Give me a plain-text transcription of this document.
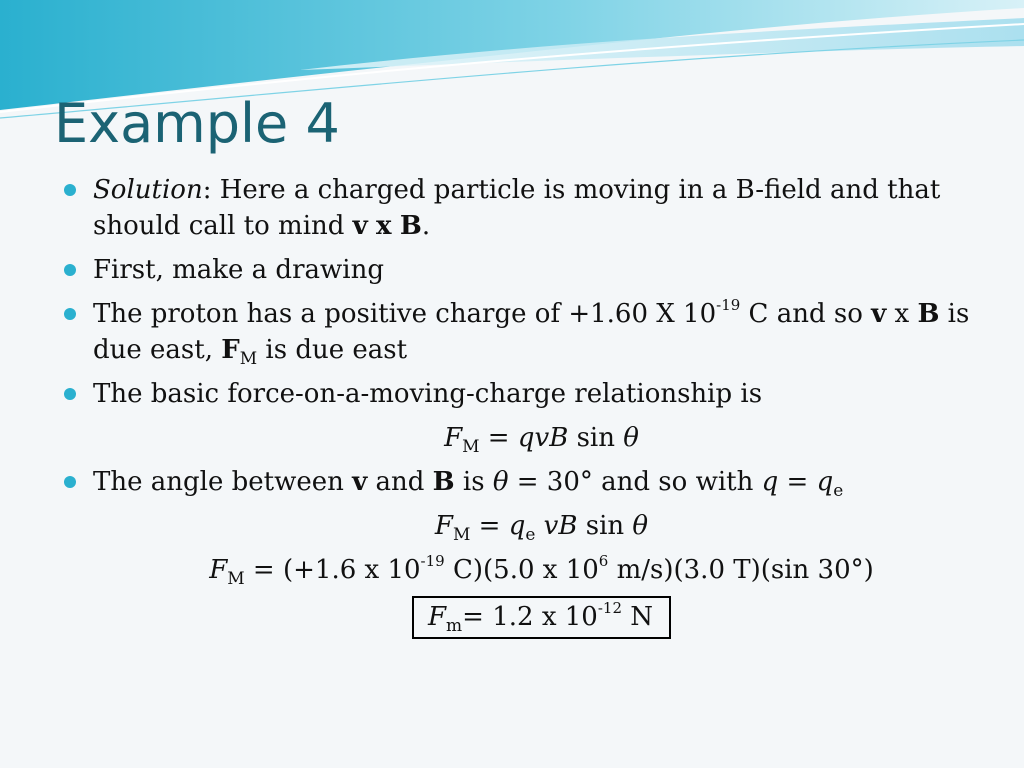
Example 4
Solution: Here a charged particle is moving in a B-field and that should call to mind v x B.
First, make a drawing
The proton has a positive charge of +1.60 X $10^{-19}$ C and so v x B is due east, $F_M$ is due east
The basic force-on-a-moving-charge relationship is
$F_M$ = qvB sin θ
The angle between v and B is θ = 30° and so with $q = q_e$
$F_M = q_e$ vB sin θ
$F_M = (+1.6$ x $10^{-19}$ C)(5.0 x $10^6$ m/s)(3.0 T)(sin 30°)
$F_m= 1.2$ x $10^{-12}$ N
